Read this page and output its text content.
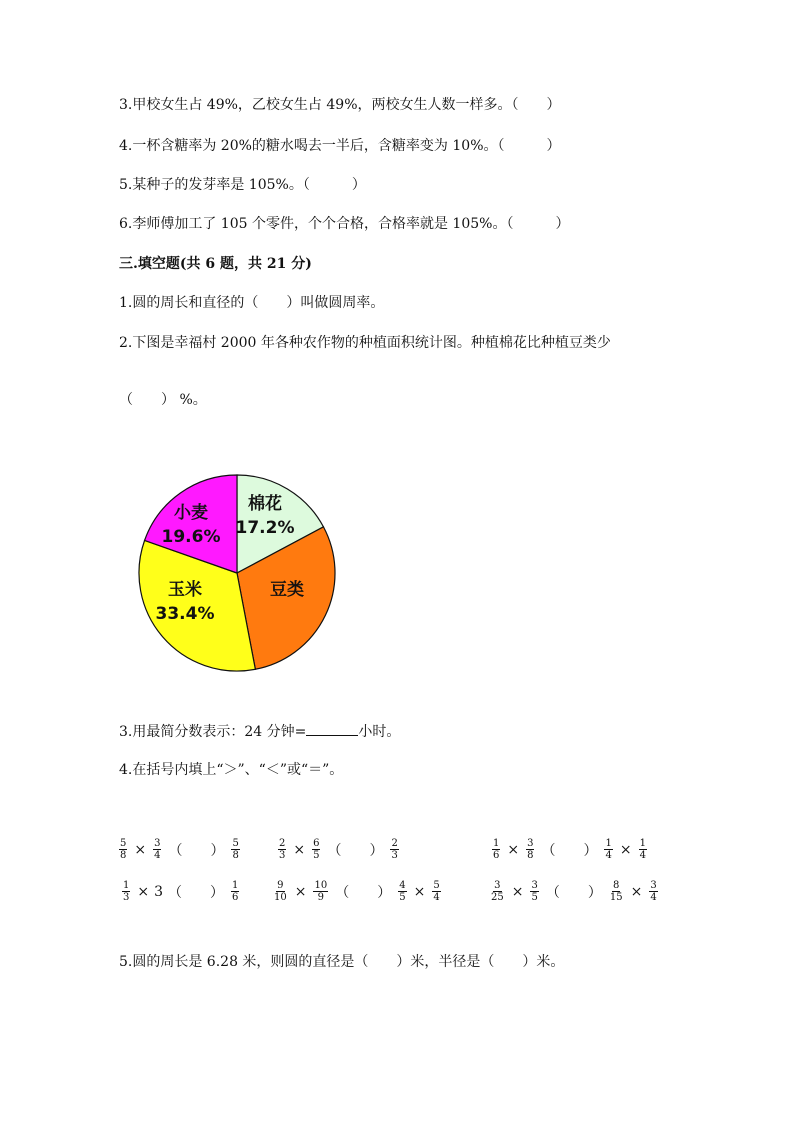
3.甲校女生占 49%，乙校女生占 49%，两校女生人数一样多。（　　）
4.一杯含糖率为 20%的糖水喝去一半后，含糖率变为 10%。（　　　）
5.某种子的发芽率是 105%。（　　　）
6.李师傅加工了 105 个零件，个个合格，合格率就是 105%。（　　　）
三.填空题(共 6 题，共 21 分)
1.圆的周长和直径的（　　）叫做圆周率。
2.下图是幸福村 2000 年各种农作物的种植面积统计图。种植棉花比种植豆类少
（　　） %。
棉花
17.2%
豆类
玉米
33.4%
小麦
19.6%
3.用最简分数表示：24 分钟=	小时。
4.在括号内填上“＞”、“＜”或“＝”。
$\frac{5}{8} \times \frac{3}{4}$ （　　） $\frac{5}{8}$	$\frac{2}{3} \times \frac{6}{5}$ （　　） $\frac{2}{3}$	$\frac{1}{6} \times \frac{3}{8}$ （　　） $\frac{1}{4} \times \frac{1}{4}$
$\frac{1}{3} \times 3$ （　　） $\frac{1}{6}$	$\frac{9}{10} \times \frac{10}{9}$ （　　） $\frac{4}{5} \times \frac{5}{4}$	$\frac{3}{25} \times \frac{3}{5}$ （　　） $\frac{8}{15} \times \frac{3}{4}$
5.圆的周长是 6.28 米，则圆的直径是（　　）米，半径是（　　）米。
